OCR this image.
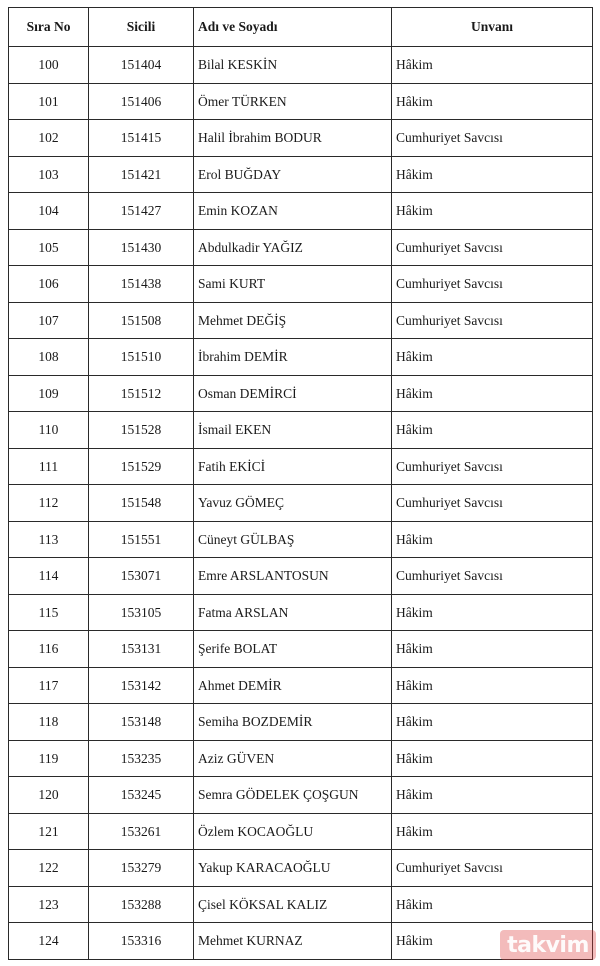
Sıra No	Sicili	Adı ve Soyadı	Unvanı
100	151404	Bilal KESKİN	Hâkim
101	151406	Ömer TÜRKEN	Hâkim
102	151415	Halil İbrahim BODUR	Cumhuriyet Savcısı
103	151421	Erol BUĞDAY	Hâkim
104	151427	Emin KOZAN	Hâkim
105	151430	Abdulkadir YAĞIZ	Cumhuriyet Savcısı
106	151438	Sami KURT	Cumhuriyet Savcısı
107	151508	Mehmet DEĞİŞ	Cumhuriyet Savcısı
108	151510	İbrahim DEMİR	Hâkim
109	151512	Osman DEMİRCİ	Hâkim
110	151528	İsmail EKEN	Hâkim
111	151529	Fatih EKİCİ	Cumhuriyet Savcısı
112	151548	Yavuz GÖMEÇ	Cumhuriyet Savcısı
113	151551	Cüneyt GÜLBAŞ	Hâkim
114	153071	Emre ARSLANTOSUN	Cumhuriyet Savcısı
115	153105	Fatma ARSLAN	Hâkim
116	153131	Şerife BOLAT	Hâkim
117	153142	Ahmet DEMİR	Hâkim
118	153148	Semiha BOZDEMİR	Hâkim
119	153235	Aziz GÜVEN	Hâkim
120	153245	Semra GÖDELEK ÇOŞGUN	Hâkim
121	153261	Özlem KOCAOĞLU	Hâkim
122	153279	Yakup KARACAOĞLU	Cumhuriyet Savcısı
123	153288	Çisel KÖKSAL KALIZ	Hâkim
124	153316	Mehmet KURNAZ	Hâkim	takvim
